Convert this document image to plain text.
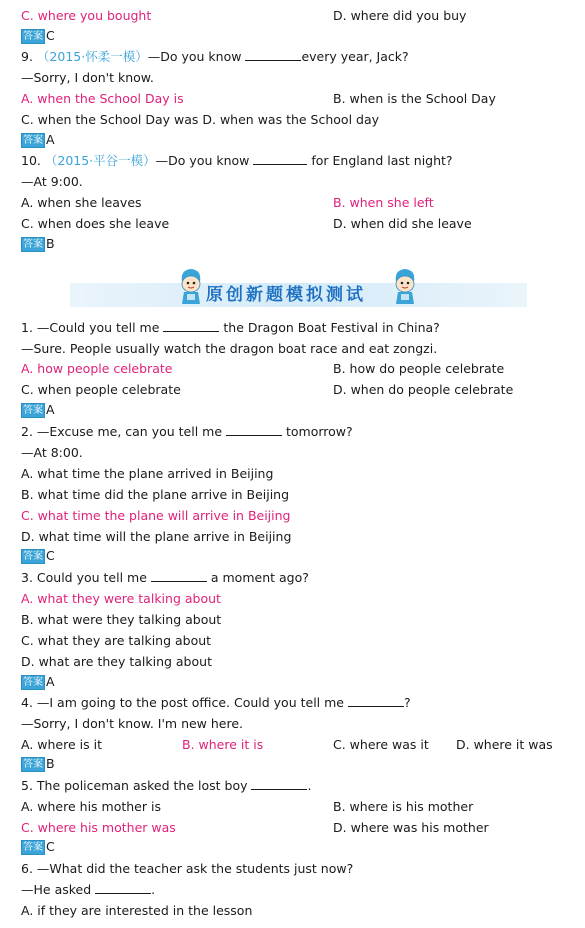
C. where you bought	D. where did you buy
答案 C
9. （2015·怀柔一模）—Do you know	every year, Jack?
—Sorry, I don't know.
A. when the School Day is	B. when is the School Day
C. when the School Day was D. when was the School day
答案 A
10. （2015·平谷一模）—Do you know	for England last night?
—At 9:00.
A. when she leaves	B. when she left
C. when does she leave	D. when did she leave
答案 B
原创新题模拟测试
1. —Could you tell me	the Dragon Boat Festival in China?
—Sure. People usually watch the dragon boat race and eat zongzi.
A. how people celebrate	B. how do people celebrate
C. when people celebrate	D. when do people celebrate
答案 A
2. —Excuse me, can you tell me	tomorrow?
—At 8:00.
A. what time the plane arrived in Beijing
B. what time did the plane arrive in Beijing
C. what time the plane will arrive in Beijing
D. what time will the plane arrive in Beijing
答案 C
3. Could you tell me	a moment ago?
A. what they were talking about
B. what were they talking about
C. what they are talking about
D. what are they talking about
答案 A
4. —I am going to the post office. Could you tell me	?
—Sorry, I don't know. I'm new here.
A. where is it	B. where it is	C. where was it D. where it was
答案 B
5. The policeman asked the lost boy	.
A. where his mother is	B. where is his mother
C. where his mother was	D. where was his mother
答案 C
6. —What did the teacher ask the students just now?
—He asked	.
A. if they are interested in the lesson
